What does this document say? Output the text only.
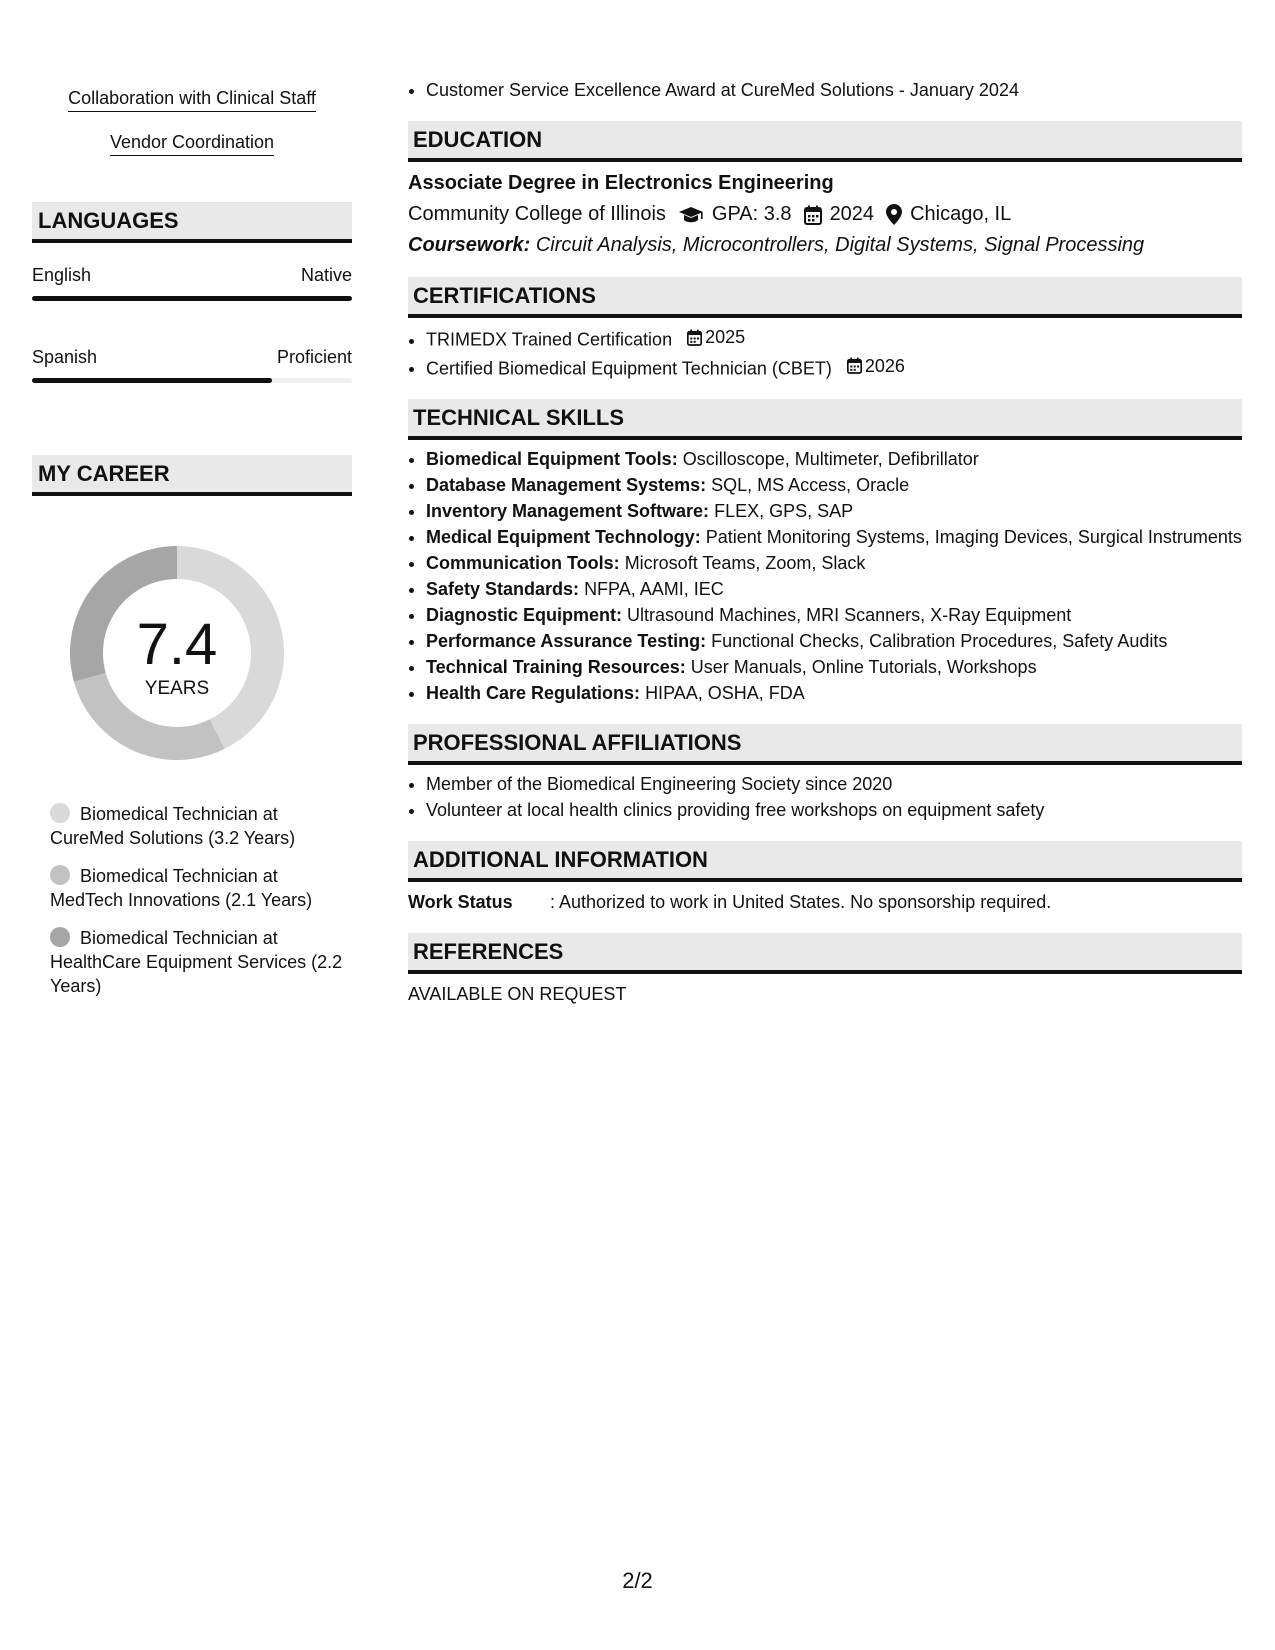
Collaboration with Clinical Staff
Vendor Coordination
LANGUAGES
English	Native
Spanish	Proficient
MY CAREER
7.4
YEARS
Biomedical Technician at CureMed Solutions (3.2 Years)
Biomedical Technician at MedTech Innovations (2.1 Years)
Biomedical Technician at HealthCare Equipment Services (2.2 Years)
• Customer Service Excellence Award at CureMed Solutions - January 2024
EDUCATION
Associate Degree in Electronics Engineering
Community College of Illinois GPA: 3.8 2024 Chicago, IL
Coursework: Circuit Analysis, Microcontrollers, Digital Systems, Signal Processing
CERTIFICATIONS
• TRIMEDX Trained Certification 2025
• Certified Biomedical Equipment Technician (CBET) 2026
TECHNICAL SKILLS
• Biomedical Equipment Tools: Oscilloscope, Multimeter, Defibrillator
• Database Management Systems: SQL, MS Access, Oracle
• Inventory Management Software: FLEX, GPS, SAP
• Medical Equipment Technology: Patient Monitoring Systems, Imaging Devices, Surgical Instruments
• Communication Tools: Microsoft Teams, Zoom, Slack
• Safety Standards: NFPA, AAMI, IEC
• Diagnostic Equipment: Ultrasound Machines, MRI Scanners, X-Ray Equipment
• Performance Assurance Testing: Functional Checks, Calibration Procedures, Safety Audits
• Technical Training Resources: User Manuals, Online Tutorials, Workshops
• Health Care Regulations: HIPAA, OSHA, FDA
PROFESSIONAL AFFILIATIONS
• Member of the Biomedical Engineering Society since 2020
• Volunteer at local health clinics providing free workshops on equipment safety
ADDITIONAL INFORMATION
Work Status	: Authorized to work in United States. No sponsorship required.
REFERENCES
AVAILABLE ON REQUEST
2/2
